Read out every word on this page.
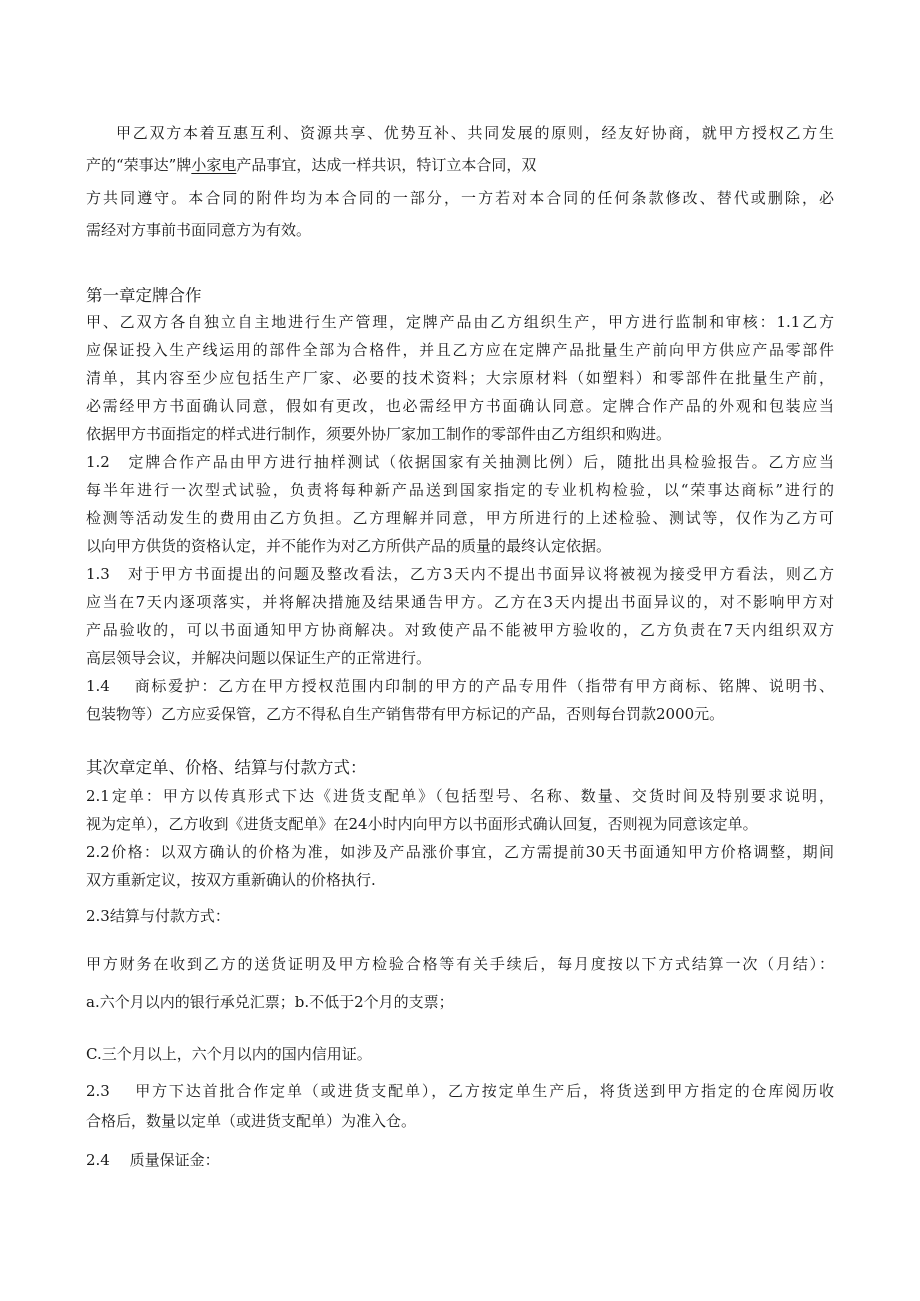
甲乙双方本着互惠互利、资源共享、优势互补、共同发展的原则，经友好协商，就甲方授权乙方生
产的“荣事达”牌小家电产品事宜，达成一样共识，特订立本合同，双
方共同遵守。本合同的附件均为本合同的一部分，一方若对本合同的任何条款修改、替代或删除，必
需经对方事前书面同意方为有效。
第一章定牌合作
甲、乙双方各自独立自主地进行生产管理，定牌产品由乙方组织生产，甲方进行监制和审核：1.1乙方
应保证投入生产线运用的部件全部为合格件，并且乙方应在定牌产品批量生产前向甲方供应产品零部件
清单，其内容至少应包括生产厂家、必要的技术资料；大宗原材料（如塑料）和零部件在批量生产前，
必需经甲方书面确认同意，假如有更改，也必需经甲方书面确认同意。定牌合作产品的外观和包装应当
依据甲方书面指定的样式进行制作，须要外协厂家加工制作的零部件由乙方组织和购进。
1.2　定牌合作产品由甲方进行抽样测试（依据国家有关抽测比例）后，随批出具检验报告。乙方应当
每半年进行一次型式试验，负责将每种新产品送到国家指定的专业机构检验，以“荣事达商标”进行的
检测等活动发生的费用由乙方负担。乙方理解并同意，甲方所进行的上述检验、测试等，仅作为乙方可
以向甲方供货的资格认定，并不能作为对乙方所供产品的质量的最终认定依据。
1.3　对于甲方书面提出的问题及整改看法，乙方3天内不提出书面异议将被视为接受甲方看法，则乙方
应当在7天内逐项落实，并将解决措施及结果通告甲方。乙方在3天内提出书面异议的，对不影响甲方对
产品验收的，可以书面通知甲方协商解决。对致使产品不能被甲方验收的，乙方负责在7天内组织双方
高层领导会议，并解决问题以保证生产的正常进行。
1.4　 商标爱护：乙方在甲方授权范围内印制的甲方的产品专用件（指带有甲方商标、铭牌、说明书、
包装物等）乙方应妥保管，乙方不得私自生产销售带有甲方标记的产品，否则每台罚款2000元。
其次章定单、价格、结算与付款方式：
2.1定单：甲方以传真形式下达《进货支配单》（包括型号、名称、数量、交货时间及特别要求说明，
视为定单），乙方收到《进货支配单》在24小时内向甲方以书面形式确认回复，否则视为同意该定单。
2.2价格：以双方确认的价格为准，如涉及产品涨价事宜，乙方需提前30天书面通知甲方价格调整，期间
双方重新定议，按双方重新确认的价格执行.
2.3结算与付款方式：
甲方财务在收到乙方的送货证明及甲方检验合格等有关手续后，每月度按以下方式结算一次（月结）：
a.六个月以内的银行承兑汇票；b.不低于2个月的支票；
C.三个月以上，六个月以内的国内信用证。
2.3　 甲方下达首批合作定单（或进货支配单），乙方按定单生产后，将货送到甲方指定的仓库阅历收
合格后，数量以定单（或进货支配单）为准入仓。
2.4　 质量保证金：
